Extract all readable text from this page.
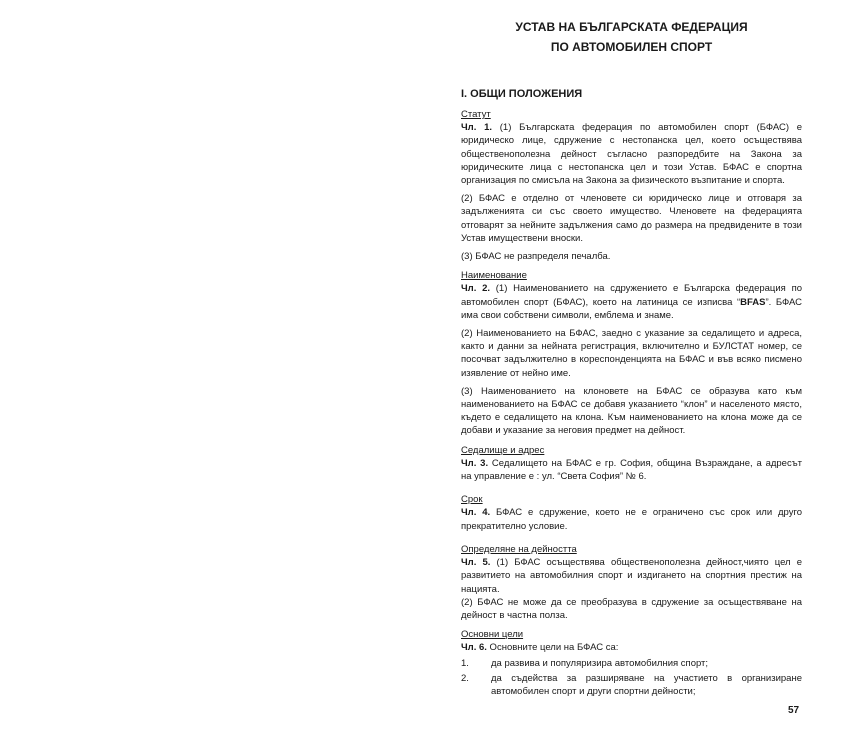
УСТАВ НА БЪЛГАРСКАТА ФЕДЕРАЦИЯ
ПО АВТОМОБИЛЕН СПОРТ
I. ОБЩИ ПОЛОЖЕНИЯ

Статут

Чл. 1. (1) Българската федерация по автомобилен спорт (БФАС) е юридическо лице, сдружение с нестопанска цел, което осъществява общественополезна дейност съгласно разпоредбите на Закона за юридическите лица с нестопанска цел и този Устав. БФАС е спортна организация по смисъла на Закона за физическото възпитание и спорта.

(2) БФАС е отделно от членовете си юридическо лице и отговаря за задълженията си със своето имущество. Членовете на федерацията отговарят за нейните задължения само до размера на предвидените в този Устав имуществени вноски.

(3) БФАС не разпределя печалба.

Наименование

Чл. 2. (1) Наименованието на сдружението е Българска федерация по автомобилен спорт (БФАС), което на латиница се изписва “BFAS”. БФАС има свои собствени символи, емблема и знаме.

(2) Наименованието на БФАС, заедно с указание за седалището и адреса, както и данни за нейната регистрация, включително и БУЛСТАТ номер, се посочват задължително в кореспонденцията на БФАС и във всяко писмено изявление от нейно име.

(3) Наименованието на клоновете на БФАС се образува като към наименованието на БФАС се добавя указанието “клон” и населеното място, където е седалището на клона. Към наименованието на клона може да се добави и указание за неговия предмет на дейност.

Седалище и адрес

Чл. 3. Седалището на БФАС е гр. София, община Възраждане, а адресът на управление е : ул. “Света София” № 6.

Срок

Чл. 4. БФАС е сдружение, което не е ограничено със срок или друго прекратително условие.

Определяне на дейността

Чл. 5. (1) БФАС осъществява общественополезна дейност,чиято цел е развитието на автомобилния спорт и издигането на спортния престиж на нацията.

(2) БФАС не може да се преобразува в сдружение за осъществяване на дейност в частна полза.

Основни цели

Чл. 6. Основните цели на БФАС са:

1.	да развива и популяризира автомобилния спорт;
2.	да съдейства за разширяване на участието в организиране автомобилен спорт и други спортни дейности;
57
